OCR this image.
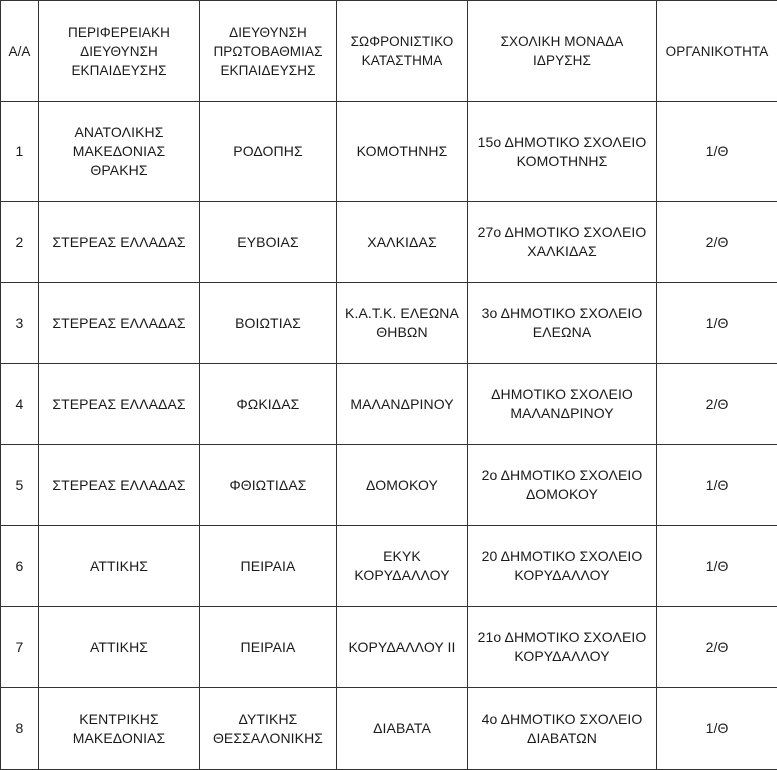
Α/Α	ΠΕΡΙΦΕΡΕΙΑΚΗ
ΔΙΕΥΘΥΝΣΗ
ΕΚΠΑΙΔΕΥΣΗΣ	ΔΙΕΥΘΥΝΣΗ
ΠΡΩΤΟΒΑΘΜΙΑΣ
ΕΚΠΑΙΔΕΥΣΗΣ	ΣΩΦΡΟΝΙΣΤΙΚΟ
ΚΑΤΑΣΤΗΜΑ	ΣΧΟΛΙΚΗ ΜΟΝΑΔΑ
ΙΔΡΥΣΗΣ	ΟΡΓΑΝΙΚΟΤΗΤΑ
1	ΑΝΑΤΟΛΙΚΗΣ
ΜΑΚΕΔΟΝΙΑΣ
ΘΡΑΚΗΣ	ΡΟΔΟΠΗΣ	ΚΟΜΟΤΗΝΗΣ	15ο ΔΗΜΟΤΙΚΟ ΣΧΟΛΕΙΟ
ΚΟΜΟΤΗΝΗΣ	1/Θ
2	ΣΤΕΡΕΑΣ ΕΛΛΑΔΑΣ	ΕΥΒΟΙΑΣ	ΧΑΛΚΙΔΑΣ	27ο ΔΗΜΟΤΙΚΟ ΣΧΟΛΕΙΟ
ΧΑΛΚΙΔΑΣ	2/Θ
3	ΣΤΕΡΕΑΣ ΕΛΛΑΔΑΣ	ΒΟΙΩΤΙΑΣ	Κ.Α.Τ.Κ. ΕΛΕΩΝΑ
ΘΗΒΩΝ	3ο ΔΗΜΟΤΙΚΟ ΣΧΟΛΕΙΟ
ΕΛΕΩΝΑ	1/Θ
4	ΣΤΕΡΕΑΣ ΕΛΛΑΔΑΣ	ΦΩΚΙΔΑΣ	ΜΑΛΑΝΔΡΙΝΟΥ	ΔΗΜΟΤΙΚΟ ΣΧΟΛΕΙΟ
ΜΑΛΑΝΔΡΙΝΟΥ	2/Θ
5	ΣΤΕΡΕΑΣ ΕΛΛΑΔΑΣ	ΦΘΙΩΤΙΔΑΣ	ΔΟΜΟΚΟΥ	2ο ΔΗΜΟΤΙΚΟ ΣΧΟΛΕΙΟ
ΔΟΜΟΚΟΥ	1/Θ
6	ΑΤΤΙΚΗΣ	ΠΕΙΡΑΙΑ	ΕΚΥΚ
ΚΟΡΥΔΑΛΛΟΥ	20 ΔΗΜΟΤΙΚΟ ΣΧΟΛΕΙΟ
ΚΟΡΥΔΑΛΛΟΥ	1/Θ
7	ΑΤΤΙΚΗΣ	ΠΕΙΡΑΙΑ	ΚΟΡΥΔΑΛΛΟΥ ΙΙ	21ο ΔΗΜΟΤΙΚΟ ΣΧΟΛΕΙΟ
ΚΟΡΥΔΑΛΛΟΥ	2/Θ
8	ΚΕΝΤΡΙΚΗΣ
ΜΑΚΕΔΟΝΙΑΣ	ΔΥΤΙΚΗΣ
ΘΕΣΣΑΛΟΝΙΚΗΣ	ΔΙΑΒΑΤΑ	4ο ΔΗΜΟΤΙΚΟ ΣΧΟΛΕΙΟ
ΔΙΑΒΑΤΩΝ	1/Θ
